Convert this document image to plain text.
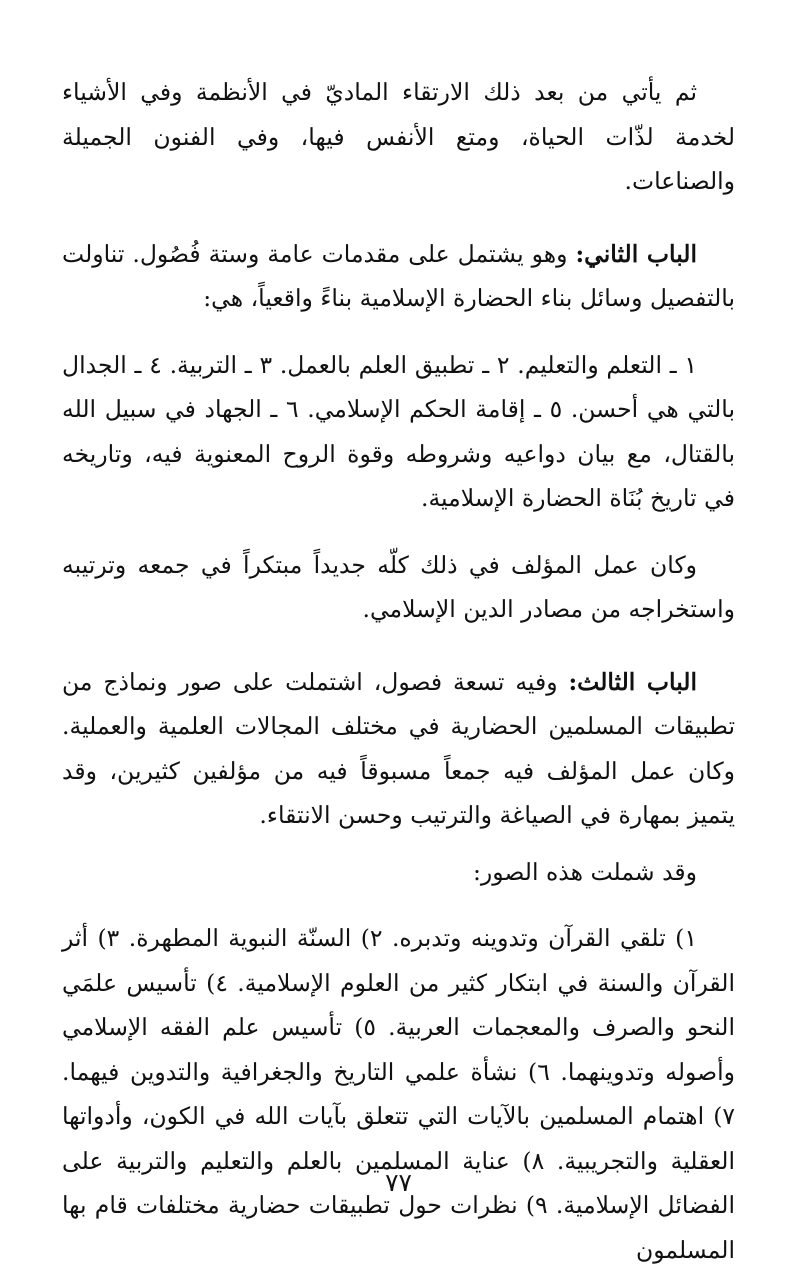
ثم يأتي من بعد ذلك الارتقاء الماديّ في الأنظمة وفي الأشياء لخدمة لذّات الحياة، ومتع الأنفس فيها، وفي الفنون الجميلة والصناعات.

الباب الثاني: وهو يشتمل على مقدمات عامة وستة فُصُول. تناولت بالتفصيل وسائل بناء الحضارة الإسلامية بناءً واقعياً، هي:

١ ـ التعلم والتعليم. ٢ ـ تطبيق العلم بالعمل. ٣ ـ التربية. ٤ ـ الجدال بالتي هي أحسن. ٥ ـ إقامة الحكم الإسلامي. ٦ ـ الجهاد في سبيل الله بالقتال، مع بيان دواعيه وشروطه وقوة الروح المعنوية فيه، وتاريخه في تاريخ بُنَاة الحضارة الإسلامية.

وكان عمل المؤلف في ذلك كلّه جديداً مبتكراً في جمعه وترتيبه واستخراجه من مصادر الدين الإسلامي.

الباب الثالث: وفيه تسعة فصول، اشتملت على صور ونماذج من تطبيقات المسلمين الحضارية في مختلف المجالات العلمية والعملية. وكان عمل المؤلف فيه جمعاً مسبوقاً فيه من مؤلفين كثيرين، وقد يتميز بمهارة في الصياغة والترتيب وحسن الانتقاء.

وقد شملت هذه الصور:

١) تلقي القرآن وتدوينه وتدبره. ٢) السنّة النبوية المطهرة. ٣) أثر القرآن والسنة في ابتكار كثير من العلوم الإسلامية. ٤) تأسيس علمَي النحو والصرف والمعجمات العربية. ٥) تأسيس علم الفقه الإسلامي وأصوله وتدوينهما. ٦) نشأة علمي التاريخ والجغرافية والتدوين فيهما. ٧) اهتمام المسلمين بالآيات التي تتعلق بآيات الله في الكون، وأدواتها العقلية والتجريبية. ٨) عناية المسلمين بالعلم والتعليم والتربية على الفضائل الإسلامية. ٩) نظرات حول تطبيقات حضارية مختلفات قام بها المسلمون

٧٧
